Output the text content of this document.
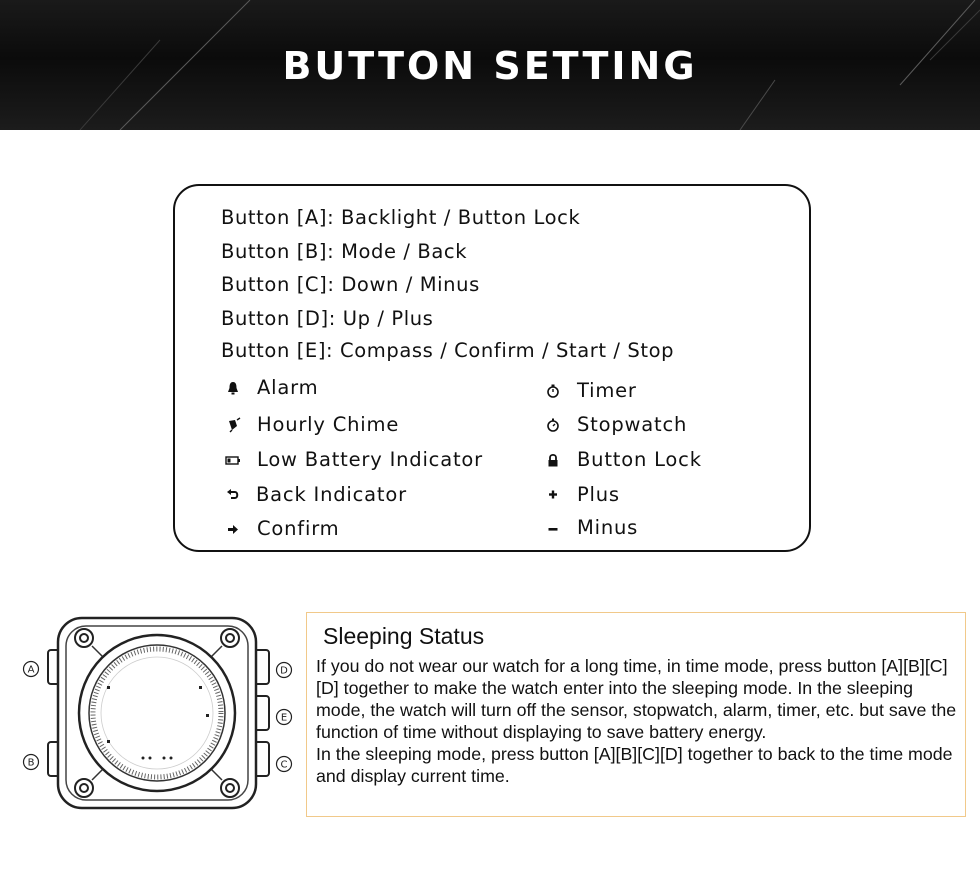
BUTTON SETTING
Button [A]: Backlight / Button Lock
Button [B]: Mode / Back
Button [C]: Down / Minus
Button [D]: Up / Plus
Button [E]: Compass / Confirm / Start / Stop
Alarm
Hourly Chime
Low Battery Indicator
Back Indicator
Confirm
Timer
Stopwatch
Button Lock
Plus
Minus
A
B
D
E
C
Sleeping Status

If you do not wear our watch for a long time, in time mode, press button [A][B][C][D] together to make the watch enter into the sleeping mode. In the sleeping mode, the watch will turn off the sensor, stopwatch, alarm, timer, etc. but save the function of time without displaying to save battery energy.

In the sleeping mode, press button [A][B][C][D] together to back to the time mode and display current time.
